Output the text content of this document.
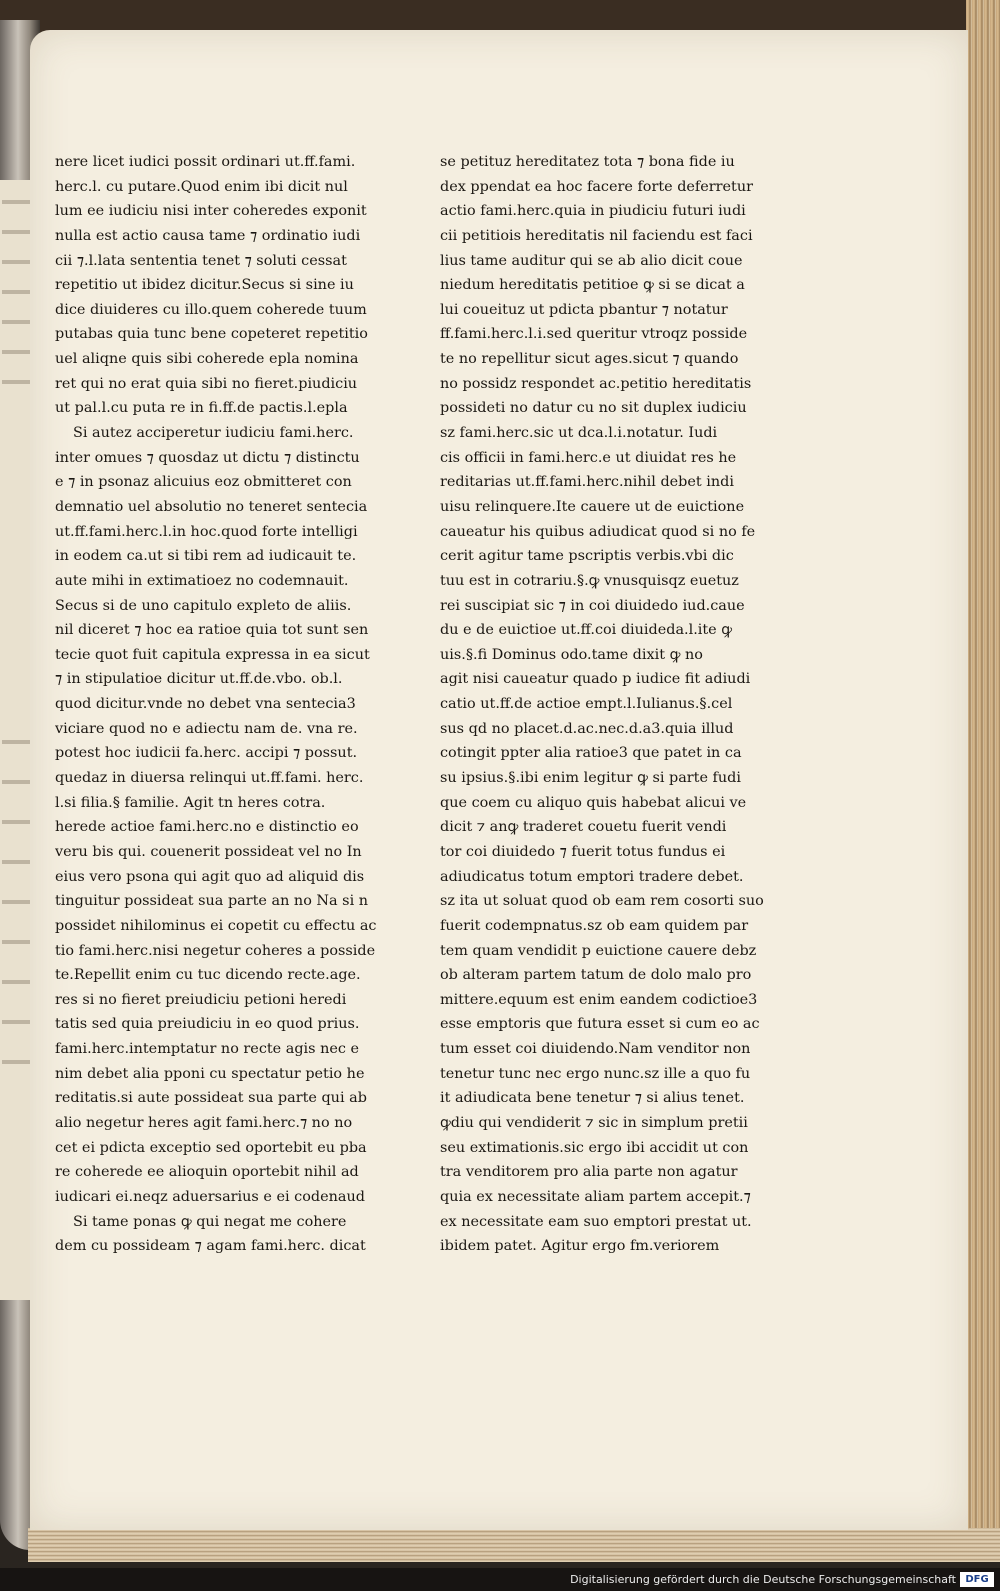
nere licet iudici possit ordinari ut.ff.fami.
herc.l. cu putare.Quod enim ibi dicit nul
lum ee iudiciu nisi inter coheredes exponit
nulla est actio causa tame ⁊ ordinatio iudi
cii ⁊.l.lata sententia tenet ⁊ soluti cessat
repetitio ut ibidez dicitur.Secus si sine iu
dice diuideres cu illo.quem coherede tuum
putabas quia tunc bene copeteret repetitio
uel aliqne quis sibi coherede epla nomina
ret qui no erat quia sibi no fieret.piudiciu
ut pal.l.cu puta re in fi.ff.de pactis.l.epla
Si autez acciperetur iudiciu fami.herc.
inter omues ⁊ quosdaz ut dictu ⁊ distinctu
e ⁊ in psonaz alicuius eoz obmitteret con
demnatio uel absolutio no teneret sentecia
ut.ff.fami.herc.l.in hoc.quod forte intelligi
in eodem ca.ut si tibi rem ad iudicauit te.
aute mihi in extimatioez no codemnauit.
Secus si de uno capitulo expleto de aliis.
nil diceret ⁊ hoc ea ratioe quia tot sunt sen
tecie quot fuit capitula expressa in ea sicut
⁊ in stipulatioe dicitur ut.ff.de.vbo. ob.l.
quod dicitur.vnde no debet vna sentecia3
viciare quod no e adiectu nam de. vna re.
potest hoc iudicii fa.herc. accipi ⁊ possut.
quedaz in diuersa relinqui ut.ff.fami. herc.
l.si filia.§ familie. Agit tn heres cotra.
herede actioe fami.herc.no e distinctio eo
veru bis qui. couenerit possideat vel no In
eius vero psona qui agit quo ad aliquid dis
tinguitur possideat sua parte an no Na si n
possidet nihilominus ei copetit cu effectu ac
tio fami.herc.nisi negetur coheres a posside
te.Repellit enim cu tuc dicendo recte.age.
res si no fieret preiudiciu petioni heredi
tatis sed quia preiudiciu in eo quod prius.
fami.herc.intemptatur no recte agis nec e
nim debet alia pponi cu spectatur petio he
reditatis.si aute possideat sua parte qui ab
alio negetur heres agit fami.herc.⁊ no no
cet ei pdicta exceptio sed oportebit eu pba
re coherede ee alioquin oportebit nihil ad
iudicari ei.neqz aduersarius e ei codenaud
Si tame ponas ꝙ qui negat me cohere
dem cu possideam ⁊ agam fami.herc. dicat
se petituz hereditatez tota ⁊ bona fide iu
dex ppendat ea hoc facere forte deferretur
actio fami.herc.quia in piudiciu futuri iudi
cii petitiois hereditatis nil faciendu est faci
lius tame auditur qui se ab alio dicit coue
niedum hereditatis petitioe ꝙ si se dicat a
lui coueituz ut pdicta pbantur ⁊ notatur
ff.fami.herc.l.i.sed queritur vtroqz posside
te no repellitur sicut ages.sicut ⁊ quando
no possidz respondet ac.petitio hereditatis
possideti no datur cu no sit duplex iudiciu
sz fami.herc.sic ut dca.l.i.notatur. Iudi
cis officii in fami.herc.e ut diuidat res he
reditarias ut.ff.fami.herc.nihil debet indi
uisu relinquere.Ite cauere ut de euictione
caueatur his quibus adiudicat quod si no fe
cerit agitur tame pscriptis verbis.vbi dic
tuu est in cotrariu.§.ꝙ vnusquisqz euetuz
rei suscipiat sic ⁊ in coi diuidedo iud.caue
du e de euictioe ut.ff.coi diuideda.l.ite ꝙ
uis.§.fi Dominus odo.tame dixit ꝙ no
agit nisi caueatur quado p iudice fit adiudi
catio ut.ff.de actioe empt.l.Iulianus.§.cel
sus qd no placet.d.ac.nec.d.a3.quia illud
cotingit ppter alia ratioe3 que patet in ca
su ipsius.§.ibi enim legitur ꝙ si parte fudi
que coem cu aliquo quis habebat alicui ve
dicit ⁊ anꝙ traderet couetu fuerit vendi
tor coi diuidedo ⁊ fuerit totus fundus ei
adiudicatus totum emptori tradere debet.
sz ita ut soluat quod ob eam rem cosorti suo
fuerit codempnatus.sz ob eam quidem par
tem quam vendidit p euictione cauere debz
ob alteram partem tatum de dolo malo pro
mittere.equum est enim eandem codictioe3
esse emptoris que futura esset si cum eo ac
tum esset coi diuidendo.Nam venditor non
tenetur tunc nec ergo nunc.sz ille a quo fu
it adiudicata bene tenetur ⁊ si alius tenet.
ꝙdiu qui vendiderit ⁊ sic in simplum pretii
seu extimationis.sic ergo ibi accidit ut con
tra venditorem pro alia parte non agatur
quia ex necessitate aliam partem accepit.⁊
ex necessitate eam suo emptori prestat ut.
ibidem patet. Agitur ergo fm.veriorem
Digitalisierung gefördert durch die Deutsche Forschungsgemeinschaft DFG
